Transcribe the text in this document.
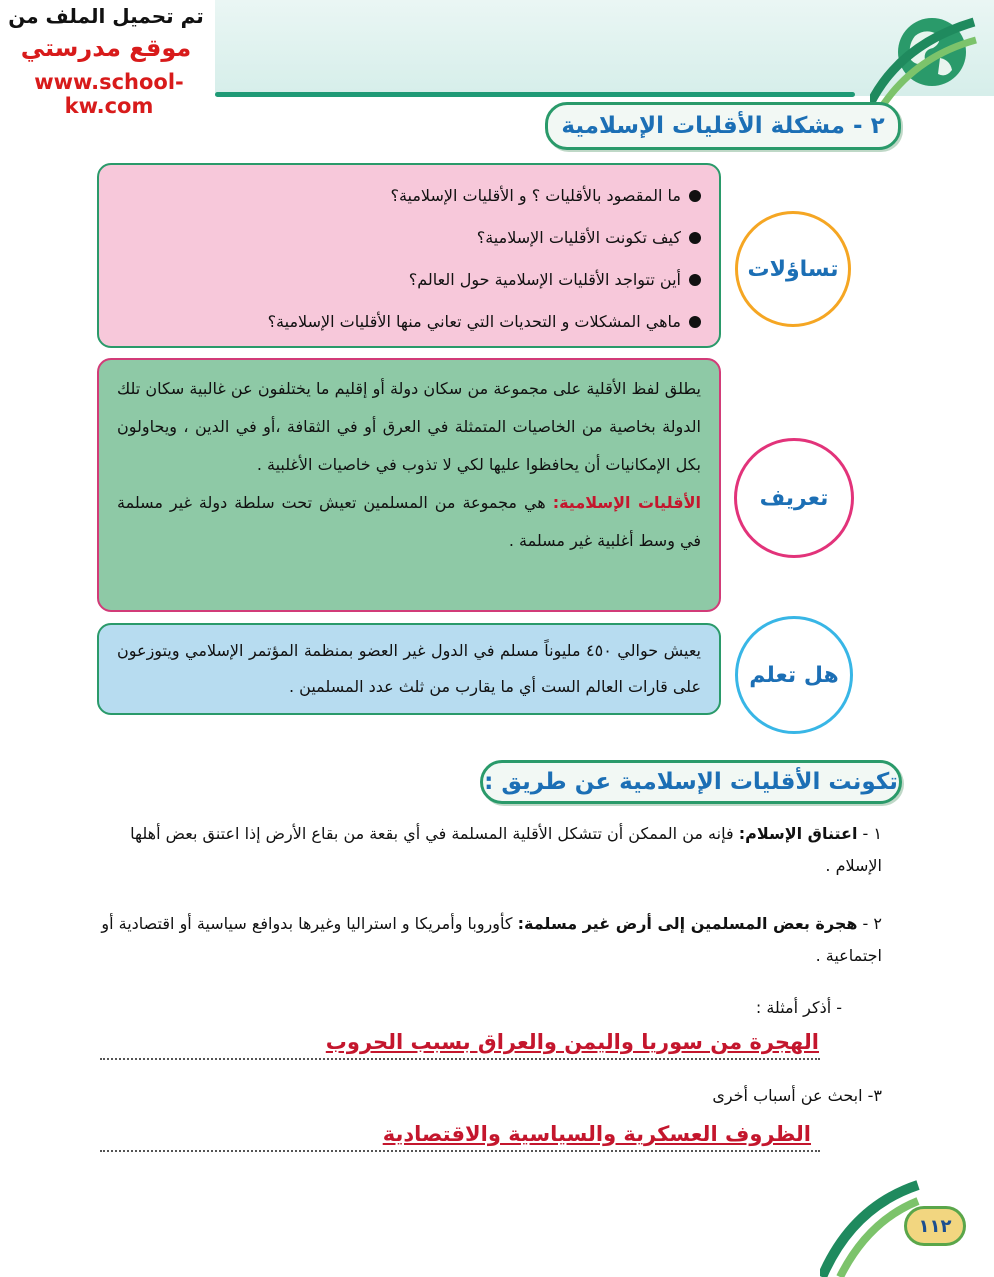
تم تحميل الملف من
موقع مدرستي
www.school-kw.com
٢ - مشكلة الأقليات الإسلامية
ما المقصود بالأقليات ؟ و الأقليات الإسلامية؟
كيف تكونت الأقليات الإسلامية؟
أين تتواجد الأقليات الإسلامية حول العالم؟
ماهي المشكلات و التحديات التي تعاني منها الأقليات الإسلامية؟
تساؤلات

يطلق لفظ الأقلية على مجموعة من سكان دولة أو إقليم ما يختلفون عن غالبية سكان تلك الدولة بخاصية من الخاصيات المتمثلة في العرق أو في الثقافة ،أو في الدين ، ويحاولون بكل الإمكانيات أن يحافظوا عليها لكي لا تذوب في خاصيات الأغلبية .

الأقليات الإسلامية: هي مجموعة من المسلمين تعيش تحت سلطة دولة غير مسلمة في وسط أغلبية غير مسلمة .

تعريف

يعيش حوالي ٤٥٠ مليوناً مسلم في الدول غير العضو بمنظمة المؤتمر الإسلامي ويتوزعون على قارات العالم الست أي ما يقارب من ثلث عدد المسلمين . هل تعلم
تكونت الأقليات الإسلامية عن طريق :
١ - اعتناق الإسلام: فإنه من الممكن أن تتشكل الأقلية المسلمة في أي بقعة من بقاع الأرض إذا اعتنق بعض أهلها الإسلام .
٢ - هجرة بعض المسلمين إلى أرض غير مسلمة: كأوروبا وأمريكا و استراليا وغيرها بدوافع سياسية أو اقتصادية أو اجتماعية .
- أذكر أمثلة :
الهجرة من سوريا واليمن والعراق بسبب الحروب
٣- ابحث عن أسباب أخرى
الظروف العسكرية والسياسية والاقتصادية
١١٢
